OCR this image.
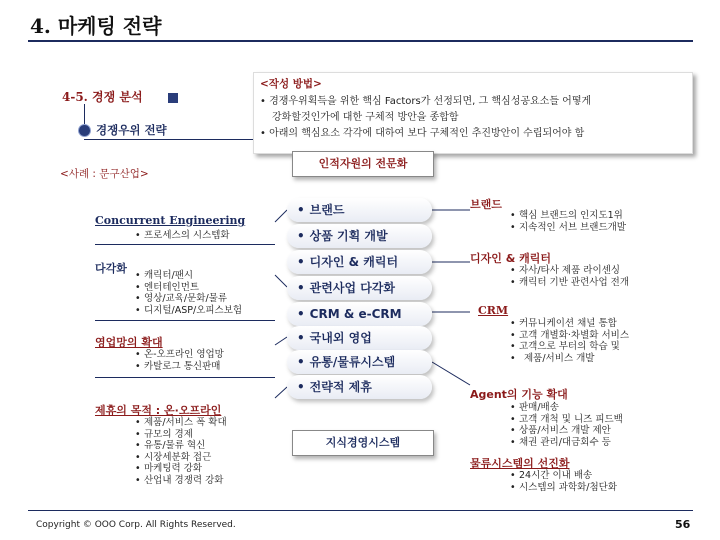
4. 마케팅 전략
4-5. 경쟁 분석
경쟁우위 전략
<사례 : 문구산업>
<작성 방법>
• 경쟁우위획득을 위한 핵심 Factors가 선정되면, 그 핵심성공요소들 어떻게
강화할것인가에 대한 구체적 방안을 종합함
• 아래의 핵심요소 각각에 대하여 보다 구체적인 추진방안이 수립되어야 함
인적자원의 전문화
Concurrent Engineering
• 프로세스의 시스템화
다각화
• 캐릭터/팬시
• 엔터테인먼트
• 영상/교육/문화/물류
• 디지털/ASP/오피스보험
영업망의 확대
• 온-오프라인 영업망
• 카탈로그 통신판매
제휴의 목적 : 온·오프라인
• 제품/서비스 폭 확대
• 규모의 경제
• 유통/물류 혁신
• 시장세분화 접근
• 마케팅력 강화
• 산업내 경쟁력 강화
• 브랜드
• 상품 기획 개발
• 디자인 & 캐릭터
• 관련사업 다각화
• CRM & e-CRM
• 국내외 영업
• 유통/물류시스템
• 전략적 제휴
지식경영시스템
브랜드
• 핵심 브랜드의 인지도1위
• 지속적인 서브 브랜드개발
디자인 & 캐릭터
• 자사/타사 제품 라이센싱
• 캐릭터 기반 관련사업 전개
CRM
• 커뮤니케이션 채널 통합
• 고객 개별화·차별화 서비스
• 고객으로 부터의 학습 및
• 제품/서비스 개발
Agent의 기능 확대
• 판매/배송
• 고객 개척 및 니즈 피드백
• 상품/서비스 개발 제안
• 채권 관리/대금회수 등
물류시스템의 선진화
• 24시간 이내 배송
• 시스템의 과학화/첨단화
Copyright © OOO Corp. All Rights Reserved.	56
